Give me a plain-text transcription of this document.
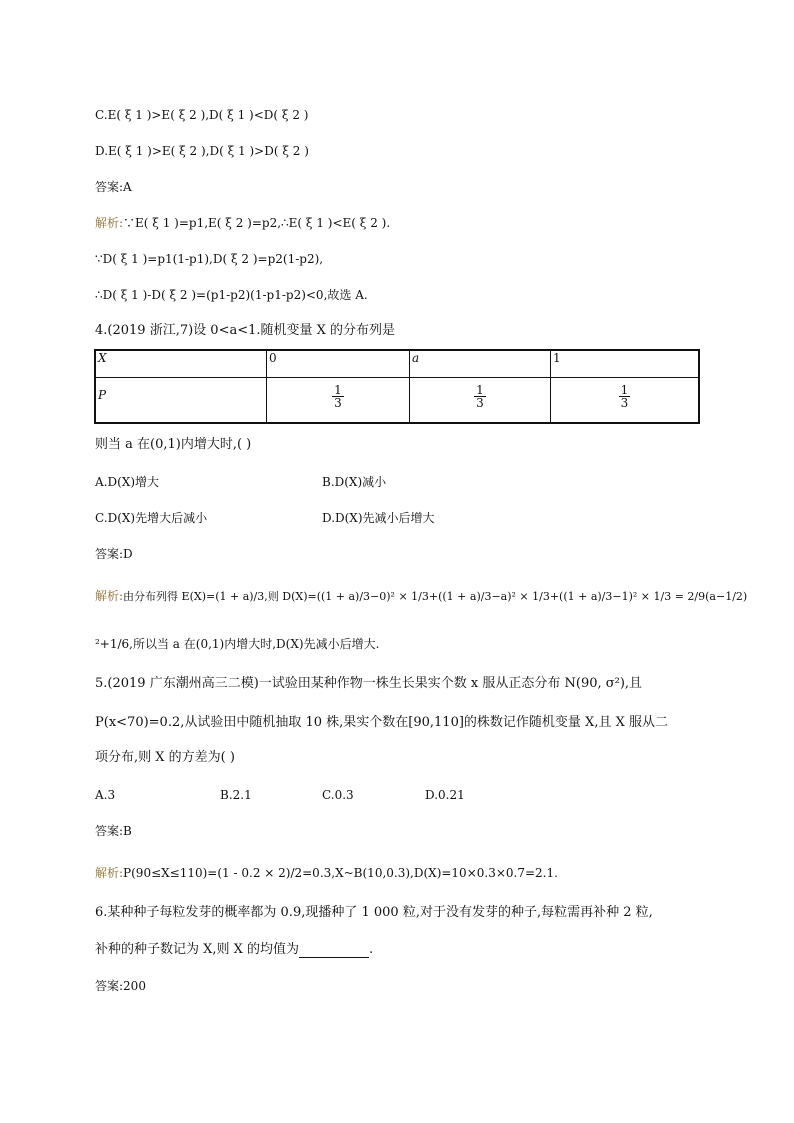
C.E( ξ 1 )>E( ξ 2 ),D( ξ 1 )<D( ξ 2 )
D.E( ξ 1 )>E( ξ 2 ),D( ξ 1 )>D( ξ 2 )
答案:A
解析:∵E( ξ 1 )=p1,E( ξ 2 )=p2,∴E( ξ 1 )<E( ξ 2 ).
∵D( ξ 1 )=p1(1-p1),D( ξ 2 )=p2(1-p2),
∴D( ξ 1 )-D( ξ 2 )=(p1-p2)(1-p1-p2)<0,故选 A.
4.(2019 浙江,7)设 0<a<1.随机变量 X 的分布列是
X	0	a	1
P	$\frac{1}{3}$	$\frac{1}{3}$	$\frac{1}{3}$
则当 a 在(0,1)内增大时,( )
A.D(X)增大	B.D(X)减小
C.D(X)先增大后减小	D.D(X)先减小后增大
答案:D
解析:由分布列得 E(X)=(1 + a)/3,则 D(X)=((1 + a)/3−0)² × 1/3+((1 + a)/3−a)² × 1/3+((1 + a)/3−1)² × 1/3 = 2/9(a−1/2)
²+1/6,所以当 a 在(0,1)内增大时,D(X)先减小后增大.
5.(2019 广东潮州高三二模)一试验田某种作物一株生长果实个数 x 服从正态分布 N(90, σ²),且
P(x<70)=0.2,从试验田中随机抽取 10 株,果实个数在[90,110]的株数记作随机变量 X,且 X 服从二
项分布,则 X 的方差为( )
A.3	B.2.1	C.0.3	D.0.21
答案:B
解析:P(90≤X≤110)=(1 - 0.2 × 2)/2=0.3,X~B(10,0.3),D(X)=10×0.3×0.7=2.1.
6.某种种子每粒发芽的概率都为 0.9,现播种了 1 000 粒,对于没有发芽的种子,每粒需再补种 2 粒,
补种的种子数记为 X,则 X 的均值为	.
答案:200
